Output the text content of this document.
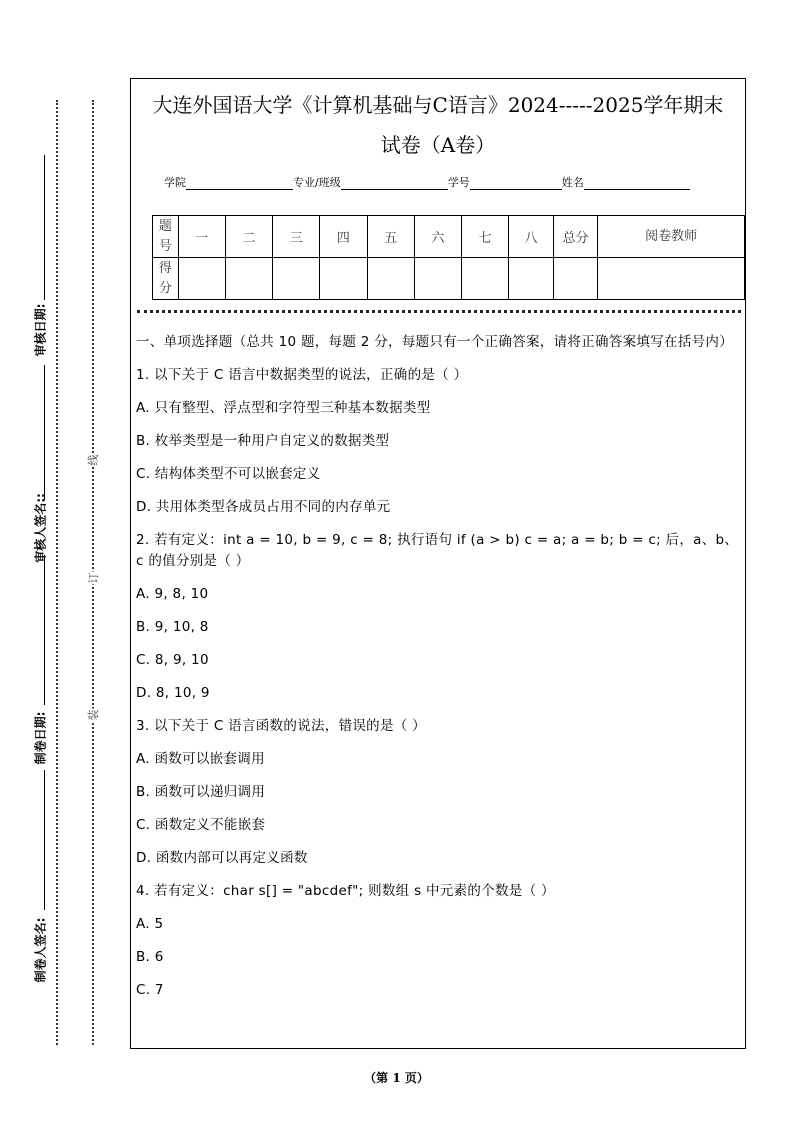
审核日期:
审核人签名::
制卷日期:
制卷人签名:
线
订
装
大连外国语大学《计算机基础与C语言》2024-----2025学年期末
试卷（A卷）
学院	专业/班级	学号	姓名
题号	一	二	三	四	五	六	七	八	总分	阅卷教师
得分										
一、单项选择题（总共 10 题，每题 2 分，每题只有一个正确答案，请将正确答案填写在括号内）
1. 以下关于 C 语言中数据类型的说法，正确的是（ ）
A. 只有整型、浮点型和字符型三种基本数据类型
B. 枚举类型是一种用户自定义的数据类型
C. 结构体类型不可以嵌套定义
D. 共用体类型各成员占用不同的内存单元
2. 若有定义：int a = 10, b = 9, c = 8; 执行语句 if (a > b) c = a; a = b; b = c; 后，a、b、c 的值分别是（ ）
A. 9, 8, 10
B. 9, 10, 8
C. 8, 9, 10
D. 8, 10, 9
3. 以下关于 C 语言函数的说法，错误的是（ ）
A. 函数可以嵌套调用
B. 函数可以递归调用
C. 函数定义不能嵌套
D. 函数内部可以再定义函数
4. 若有定义：char s[] = "abcdef"; 则数组 s 中元素的个数是（ ）
A. 5
B. 6
C. 7
（第 1 页）
